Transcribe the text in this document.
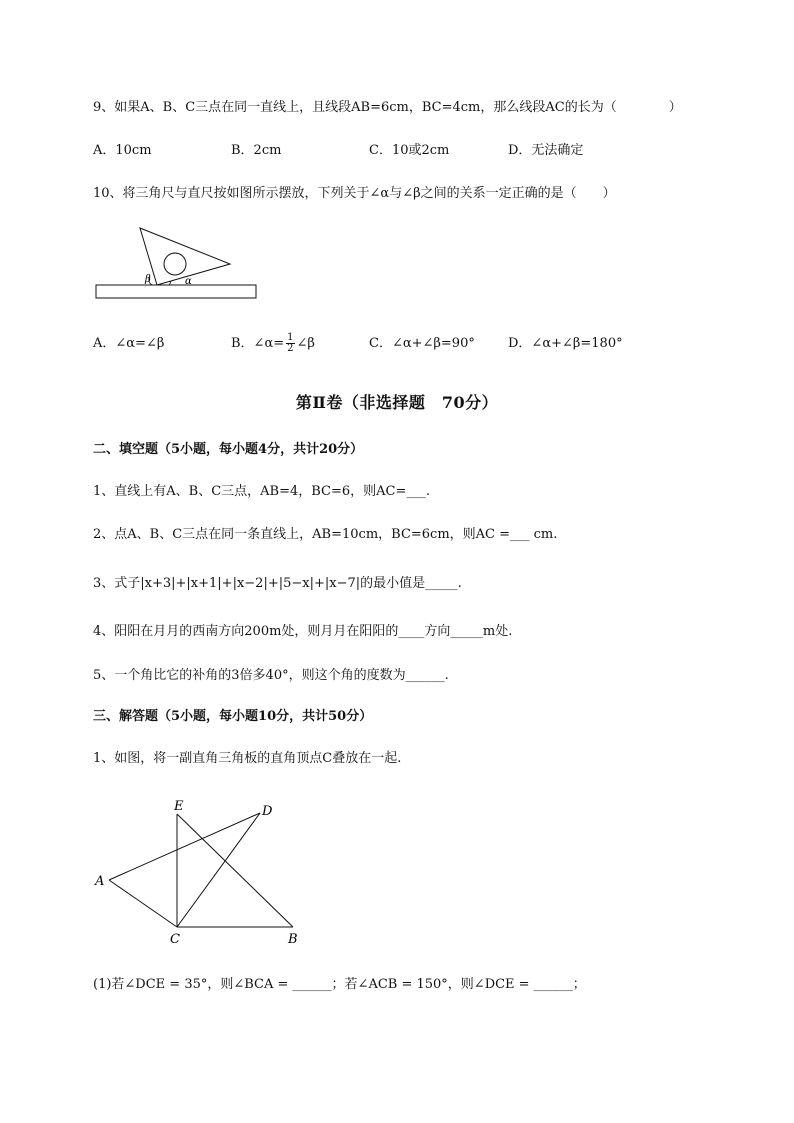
9、如果A、B、C三点在同一直线上，且线段AB=6cm，BC=4cm，那么线段AC的长为（　　　　）
A．10cm	B．2cm	C．10或2cm	D．无法确定
10、将三角尺与直尺按如图所示摆放，下列关于∠α与∠β之间的关系一定正确的是（　　）
β	α
A．∠α=∠β	B．∠α= $\frac{1}{2}$ ∠β	C．∠α+∠β=90°	D．∠α+∠β=180°
第Ⅱ卷（非选择题　70分）
二、填空题（5小题，每小题4分，共计20分）
1、直线上有A、B、C三点，AB=4，BC=6，则AC=___.
2、点A、B、C三点在同一条直线上，AB=10cm，BC=6cm，则AC =___ cm.
3、式子|x+3|+|x+1|+|x−2|+|5−x|+|x−7|的最小值是_____.
4、阳阳在月月的西南方向200m处，则月月在阳阳的____方向_____m处.
5、一个角比它的补角的3倍多40°，则这个角的度数为______.
三、解答题（5小题，每小题10分，共计50分）
1、如图，将一副直角三角板的直角顶点C叠放在一起.
E	D
A
C	B
(1)若∠DCE = 35°，则∠BCA = ______；若∠ACB = 150°，则∠DCE = ______；
